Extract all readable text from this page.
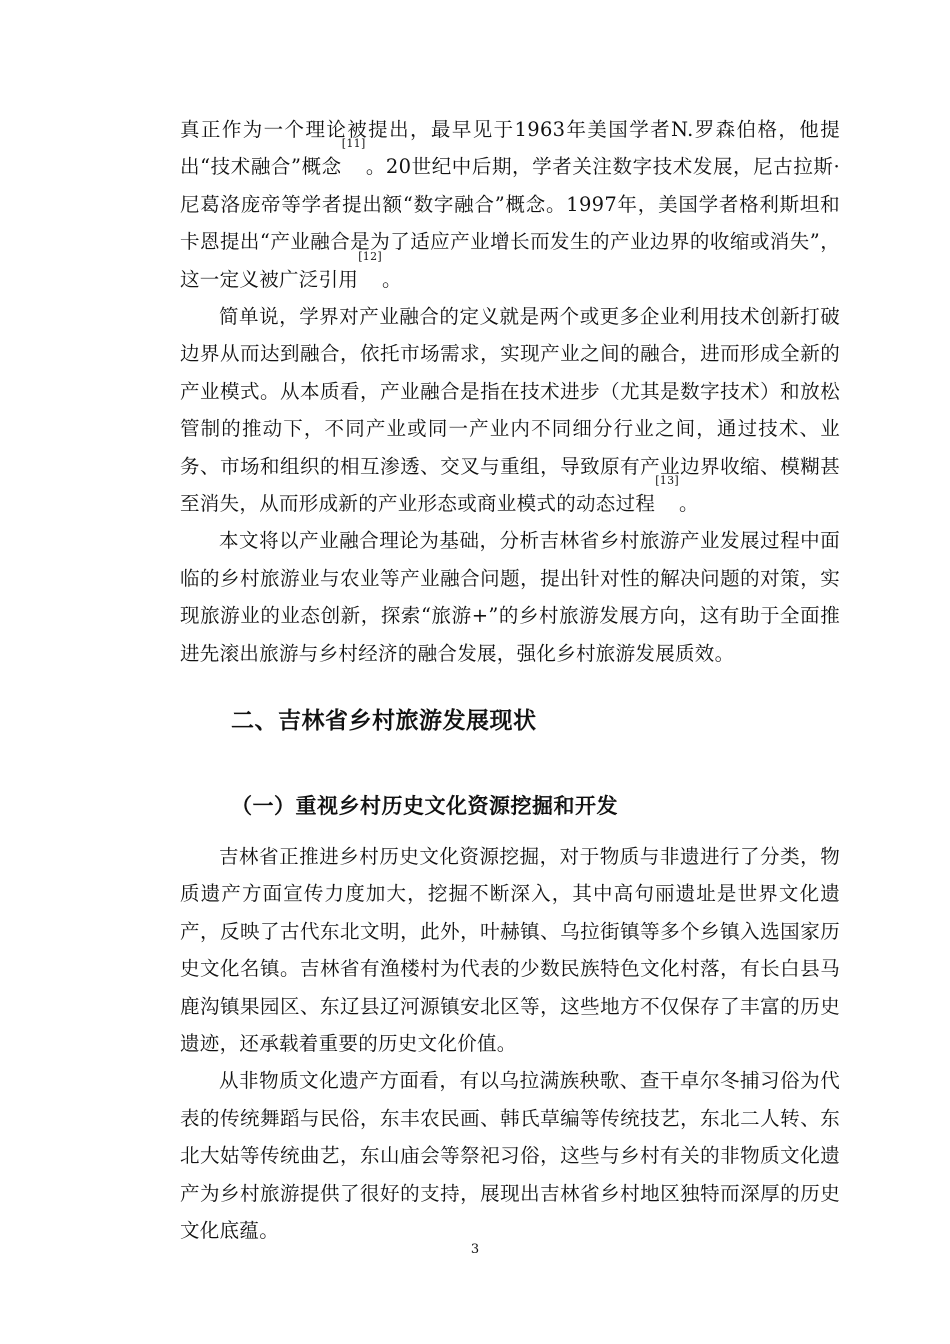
真正作为一个理论被提出，最早见于1963年美国学者N.罗森伯格，他提出“技术融合”概念[11]。20世纪中后期，学者关注数字技术发展，尼古拉斯·尼葛洛庞帝等学者提出额“数字融合”概念。1997年，美国学者格利斯坦和卡恩提出“产业融合是为了适应产业增长而发生的产业边界的收缩或消失”，这一定义被广泛引用[12]。

简单说，学界对产业融合的定义就是两个或更多企业利用技术创新打破边界从而达到融合，依托市场需求，实现产业之间的融合，进而形成全新的产业模式。从本质看，产业融合是指在技术进步（尤其是数字技术）和放松管制的推动下，不同产业或同一产业内不同细分行业之间，通过技术、业务、市场和组织的相互渗透、交叉与重组，导致原有产业边界收缩、模糊甚至消失，从而形成新的产业形态或商业模式的动态过程[13]。

本文将以产业融合理论为基础，分析吉林省乡村旅游产业发展过程中面临的乡村旅游业与农业等产业融合问题，提出针对性的解决问题的对策，实现旅游业的业态创新，探索“旅游+”的乡村旅游发展方向，这有助于全面推进先滚出旅游与乡村经济的融合发展，强化乡村旅游发展质效。

二、吉林省乡村旅游发展现状
（一）重视乡村历史文化资源挖掘和开发

吉林省正推进乡村历史文化资源挖掘，对于物质与非遗进行了分类，物质遗产方面宣传力度加大，挖掘不断深入，其中高句丽遗址是世界文化遗产，反映了古代东北文明，此外，叶赫镇、乌拉街镇等多个乡镇入选国家历史文化名镇。吉林省有渔楼村为代表的少数民族特色文化村落，有长白县马鹿沟镇果园区、东辽县辽河源镇安北区等，这些地方不仅保存了丰富的历史遗迹，还承载着重要的历史文化价值。

从非物质文化遗产方面看，有以乌拉满族秧歌、查干卓尔冬捕习俗为代表的传统舞蹈与民俗，东丰农民画、韩氏草编等传统技艺，东北二人转、东北大姑等传统曲艺，东山庙会等祭祀习俗，这些与乡村有关的非物质文化遗产为乡村旅游提供了很好的支持，展现出吉林省乡村地区独特而深厚的历史文化底蕴。

3
